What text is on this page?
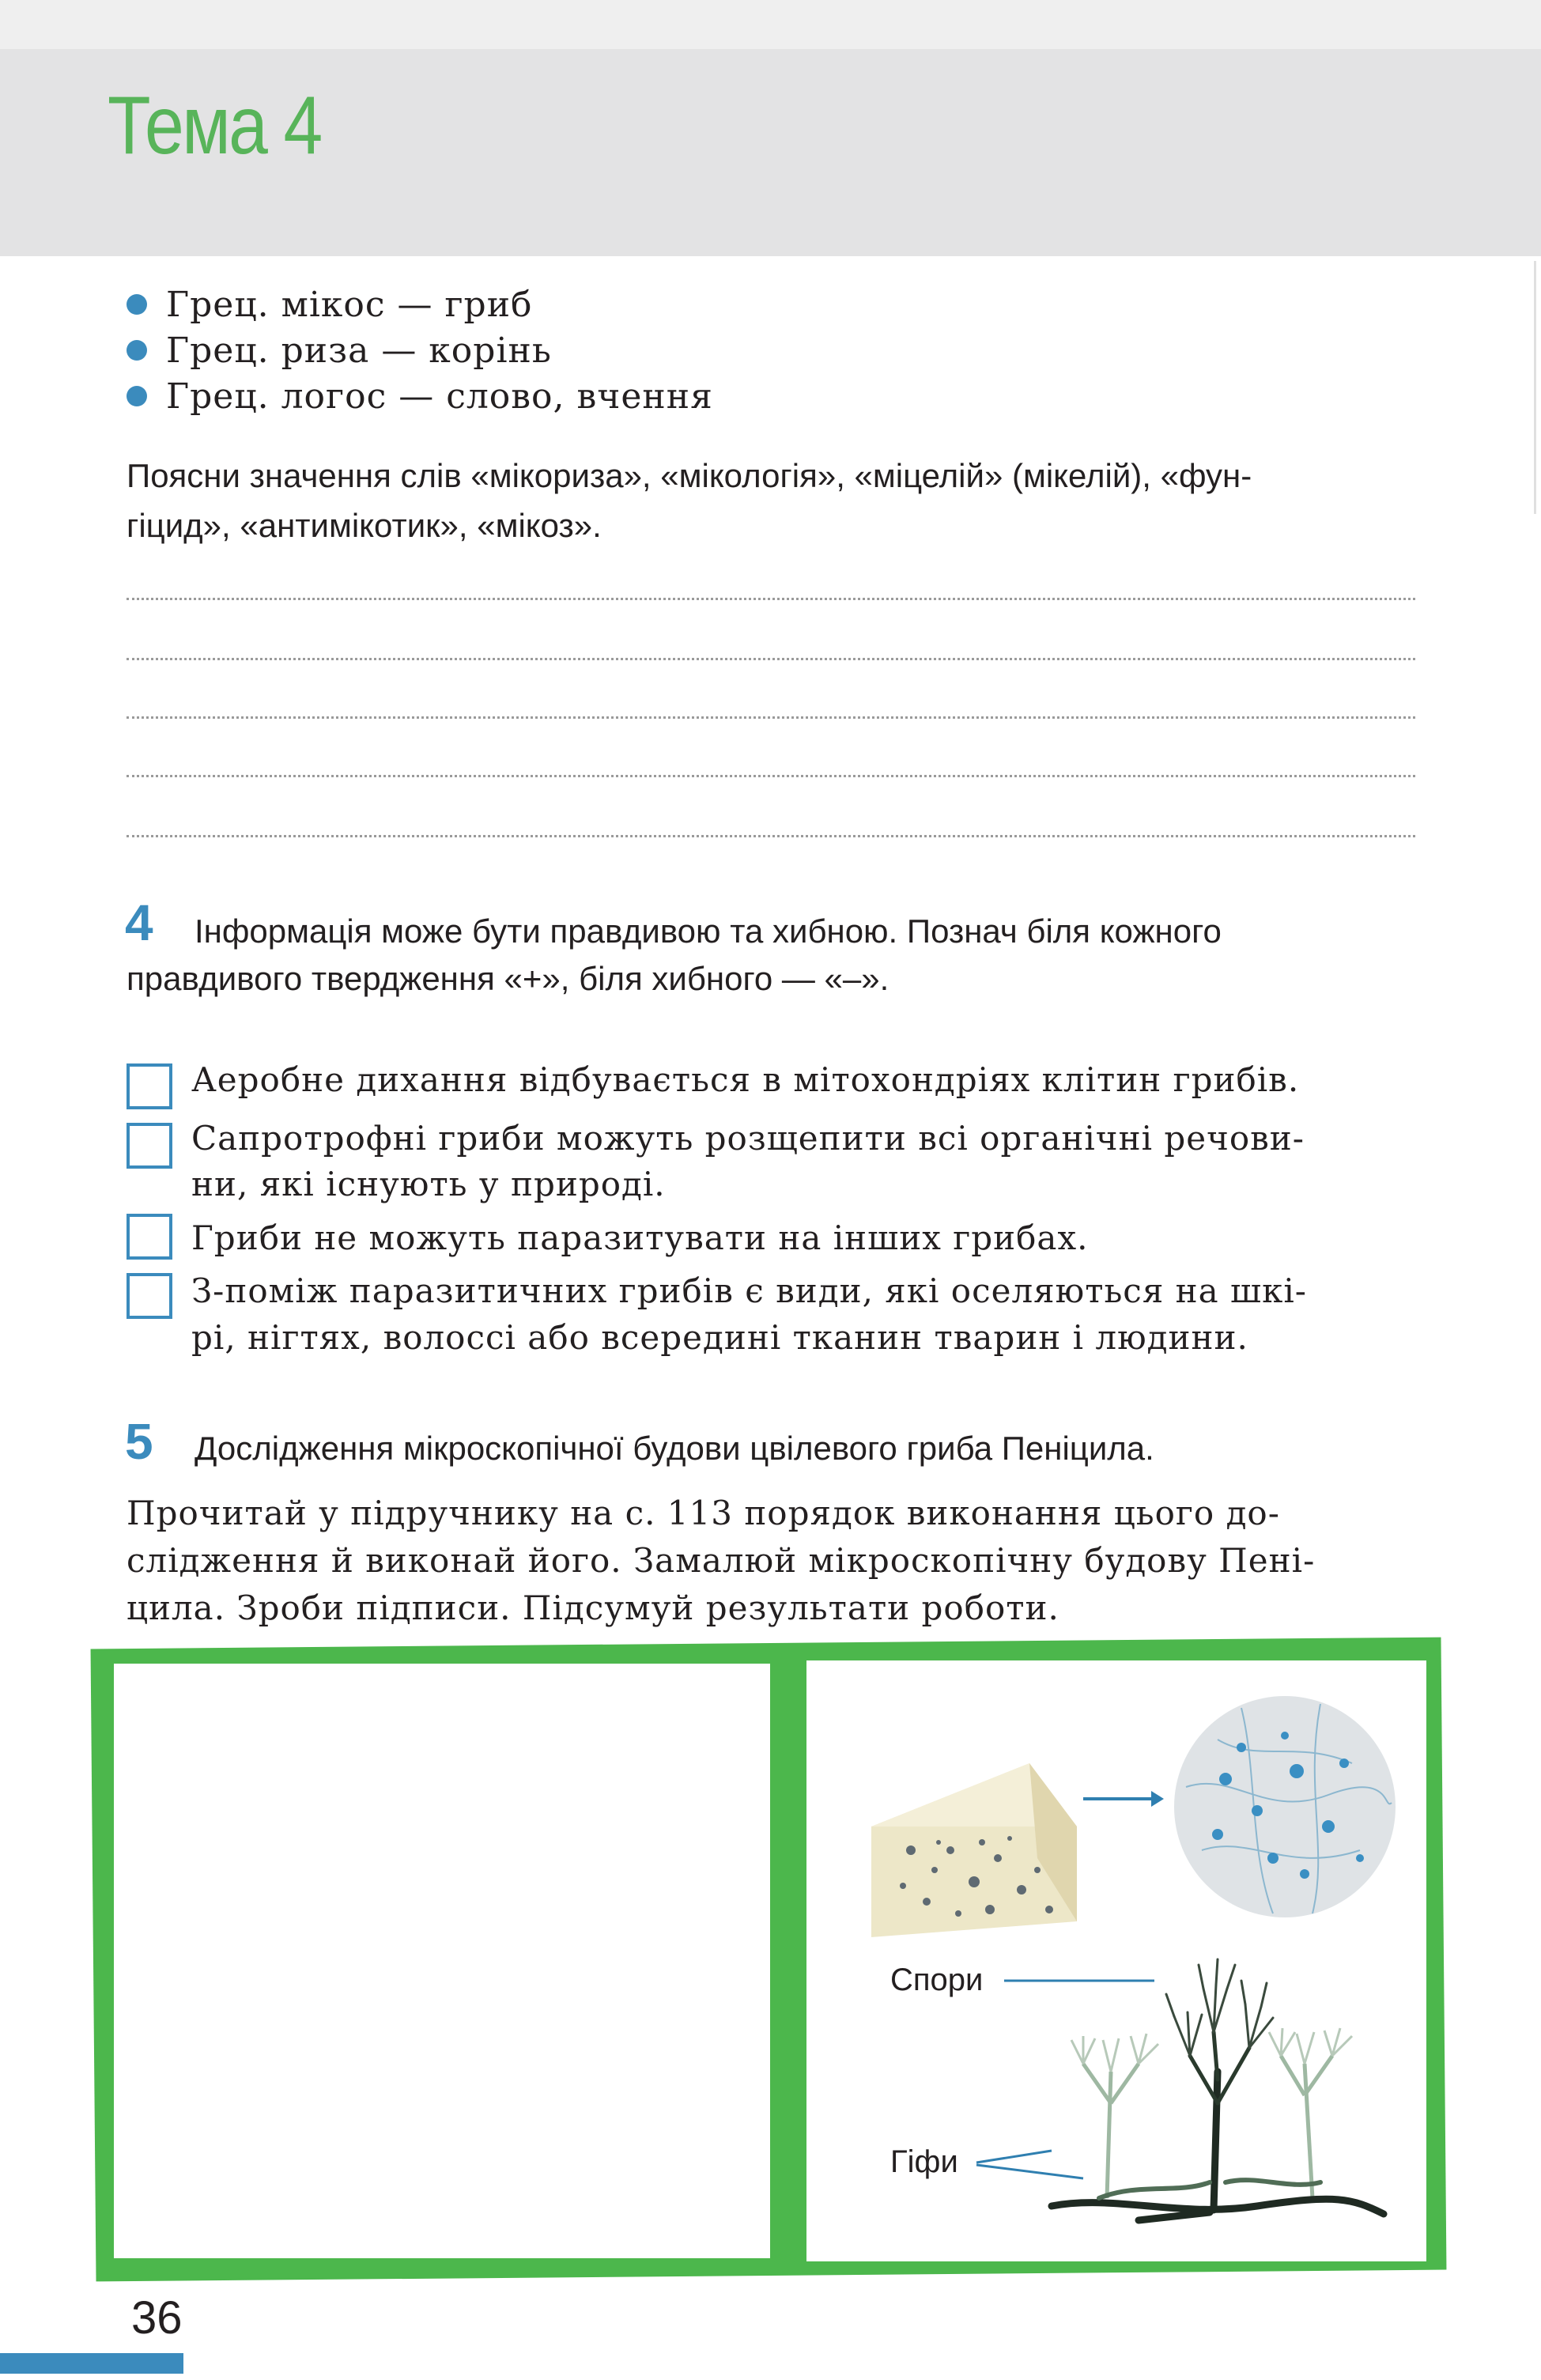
Тема 4
Грец. мікос — гриб
Грец. риза — корінь
Грец. логос — слово, вчення
Поясни значення слів «мікориза», «мікологія», «міцелій» (мікелій), «фун-
гіцид», «антимікотик», «мікоз».
4 Інформація може бути правдивою та хибною. Познач біля кожного
правдивого твердження «+», біля хибного — «–».
Аеробне дихання відбувається в мітохондріях клітин грибів.
Сапротрофні гриби можуть розщепити всі органічні речови-
ни, які існують у природі.
Гриби не можуть паразитувати на інших грибах.
З-поміж паразитичних грибів є види, які оселяються на шкі-
рі, нігтях, волоссі або всередині тканин тварин і людини.
5 Дослідження мікроскопічної будови цвілевого гриба Пеніцила.
Прочитай у підручнику на с. 113 порядок виконання цього до-
слідження й виконай його. Замалюй мікроскопічну будову Пені-
цила. Зроби підписи. Підсумуй результати роботи.
Спори
Гіфи
36
